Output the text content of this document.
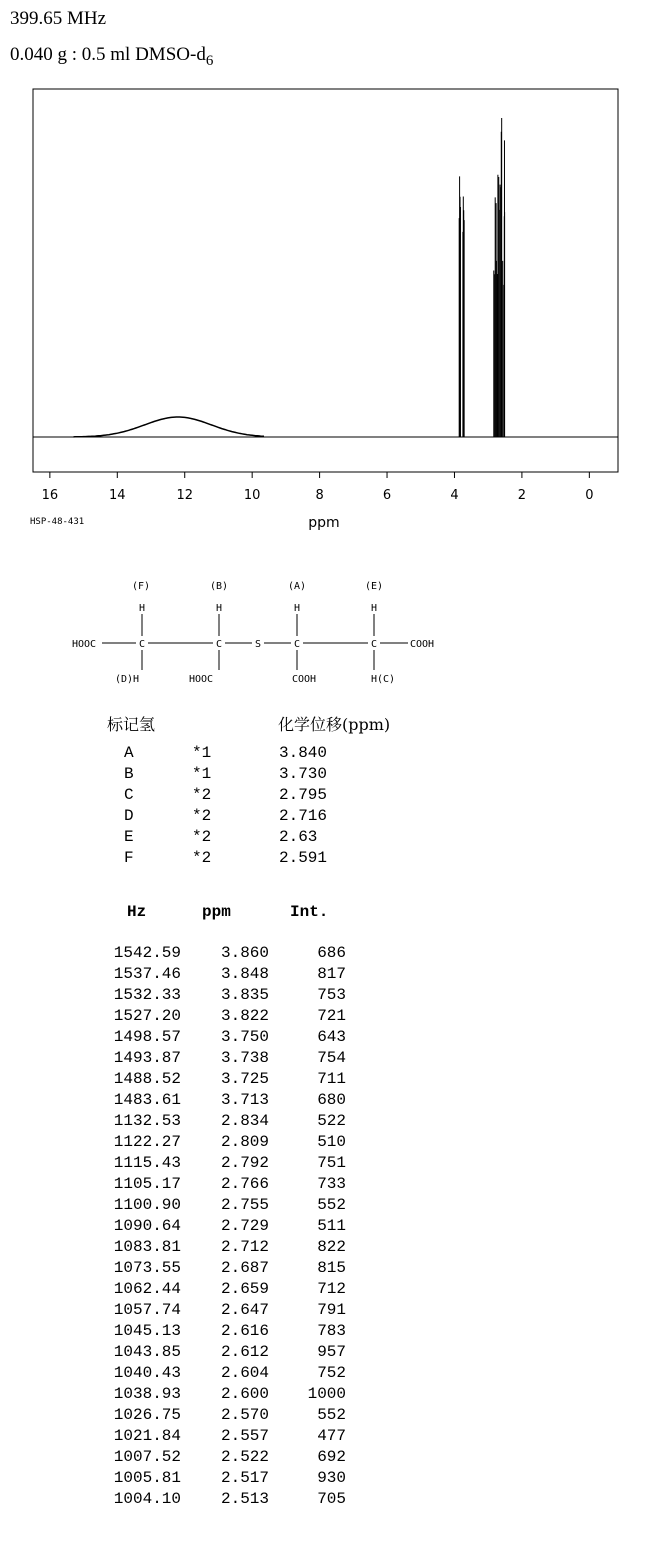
399.65 MHz
0.040 g : 0.5 ml DMSO-$d_6$
16	14	12	10	8	6	4	2	0
ppm
HSP-48-431
(F)	(B)	(A)	(E)
H	H	H	H
HOOC	C	C	S	C	C	COOH
(D)H	HOOC	COOH	H(C)
标记氢	化学位移(ppm)
A	*1	3.840
B	*1	3.730
C	*2	2.795
D	*2	2.716
E	*2	2.63
F	*2	2.591
Hz	ppm	Int.
1542.59 3.860	686
1537.46 3.848	817
1532.33 3.835	753
1527.20 3.822	721
1498.57 3.750	643
1493.87 3.738	754
1488.52 3.725	711
1483.61 3.713	680
1132.53 2.834	522
1122.27 2.809	510
1115.43 2.792	751
1105.17 2.766	733
1100.90 2.755	552
1090.64 2.729	511
1083.81 2.712	822
1073.55 2.687	815
1062.44 2.659	712
1057.74 2.647	791
1045.13 2.616	783
1043.85 2.612	957
1040.43 2.604	752
1038.93 2.600 1000
1026.75 2.570	552
1021.84 2.557	477
1007.52 2.522	692
1005.81 2.517	930
1004.10 2.513	705
